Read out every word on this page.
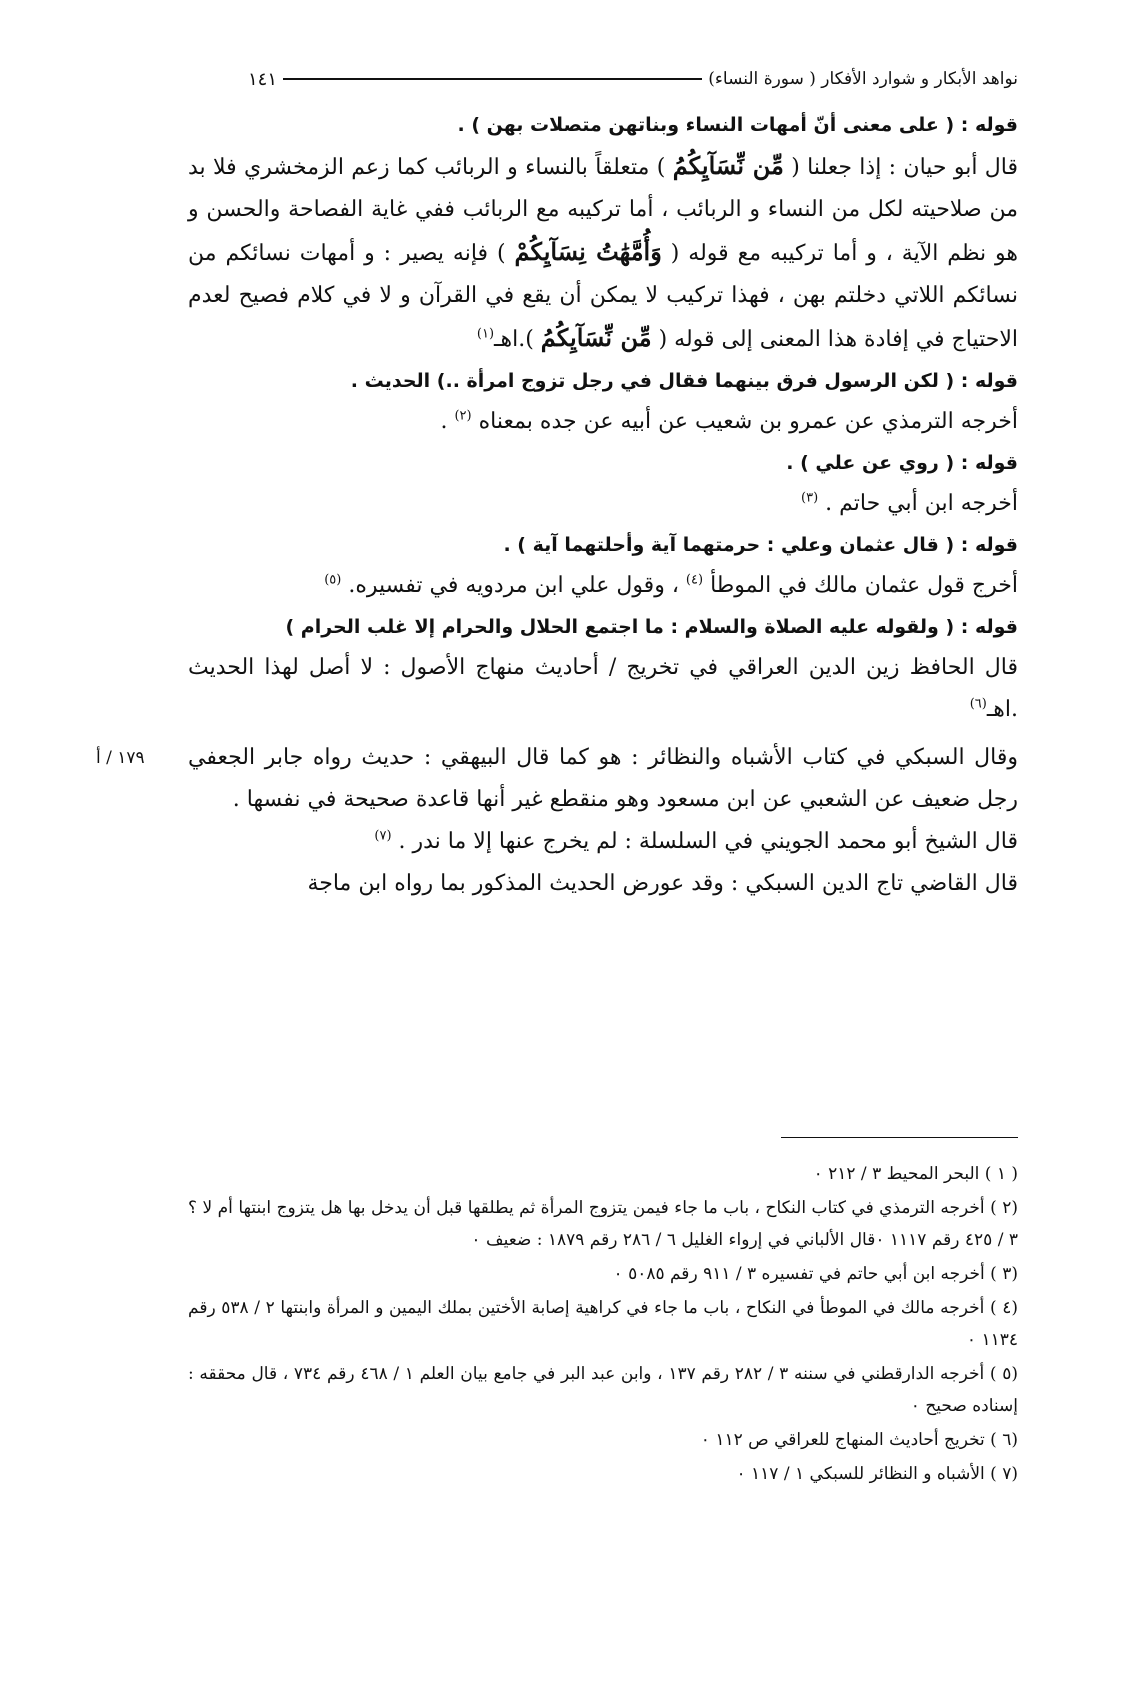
نواهد الأبكار و شوارد الأفكار ( سورة النساء)
١٤١

قوله : ( على معنى أنّ أمهات النساء وبناتهن متصلات بهن ) .

قال أبو حيان : إذا جعلنا ( مِّن نِّسَآيِكُمُ ) متعلقاً بالنساء و الربائب كما زعم الزمخشري فلا بد من صلاحيته لكل من النساء و الربائب ، أما تركيبه مع الربائب ففي غاية الفصاحة والحسن و هو نظم الآية ، و أما تركيبه مع قوله ( وَأُمَّهَٰتُ نِسَآيِكُمْ ) فإنه يصير : و أمهات نسائكم من نسائكم اللاتي دخلتم بهن ، فهذا تركيب لا يمكن أن يقع في القرآن و لا في كلام فصيح لعدم الاحتياج في إفادة هذا المعنى إلى قوله ( مِّن نِّسَآيِكُمُ ).اهـ$^{(١)}$

قوله : ( لكن الرسول فرق بينهما فقال في رجل تزوج امرأة ..) الحديث .

أخرجه الترمذي عن عمرو بن شعيب عن أبيه عن جده بمعناه $^{(٢)}$ .

قوله : ( روي عن علي ) .

أخرجه ابن أبي حاتم . $^{(٣)}$

قوله : ( قال عثمان وعلي : حرمتهما آية وأحلتهما آية ) .

أخرج قول عثمان مالك في الموطأ $^{(٤)}$ ، وقول علي ابن مردويه في تفسيره. $^{(٥)}$

قوله : ( ولقوله عليه الصلاة والسلام : ما اجتمع الحلال والحرام إلا غلب الحرام )

قال الحافظ زين الدين العراقي في تخريج / أحاديث منهاج الأصول : لا أصل لهذا الحديث .اهـ$^{(٦)}$

وقال السبكي في كتاب الأشباه والنظائر : هو كما قال البيهقي : حديث رواه جابر الجعفي رجل ضعيف عن الشعبي عن ابن مسعود وهو منقطع غير أنها قاعدة صحيحة في نفسها .

قال الشيخ أبو محمد الجويني في السلسلة : لم يخرج عنها إلا ما ندر . $^{(٧)}$

قال القاضي تاج الدين السبكي : وقد عورض الحديث المذكور بما رواه ابن ماجة

١٧٩ / أ

( ١ ) البحر المحيط ٣ / ٢١٢ ٠

(٢ ) أخرجه الترمذي في كتاب النكاح ، باب ما جاء فيمن يتزوج المرأة ثم يطلقها قبل أن يدخل بها هل يتزوج ابنتها أم لا ؟ ٣ / ٤٢٥ رقم ١١١٧ ٠قال الألباني في إرواء الغليل ٦ / ٢٨٦ رقم ١٨٧٩ : ضعيف ٠

(٣ ) أخرجه ابن أبي حاتم في تفسيره ٣ / ٩١١ رقم ٥٠٨٥ ٠

(٤ ) أخرجه مالك في الموطأ في النكاح ، باب ما جاء في كراهية إصابة الأختين بملك اليمين و المرأة وابنتها ٢ / ٥٣٨ رقم ١١٣٤ ٠

(٥ ) أخرجه الدارقطني في سننه ٣ / ٢٨٢ رقم ١٣٧ ، وابن عبد البر في جامع بيان العلم ١ / ٤٦٨ رقم ٧٣٤ ، قال محققه : إسناده صحيح ٠

(٦ ) تخريج أحاديث المنهاج للعراقي ص ١١٢ ٠

(٧ ) الأشباه و النظائر للسبكي ١ / ١١٧ ٠
